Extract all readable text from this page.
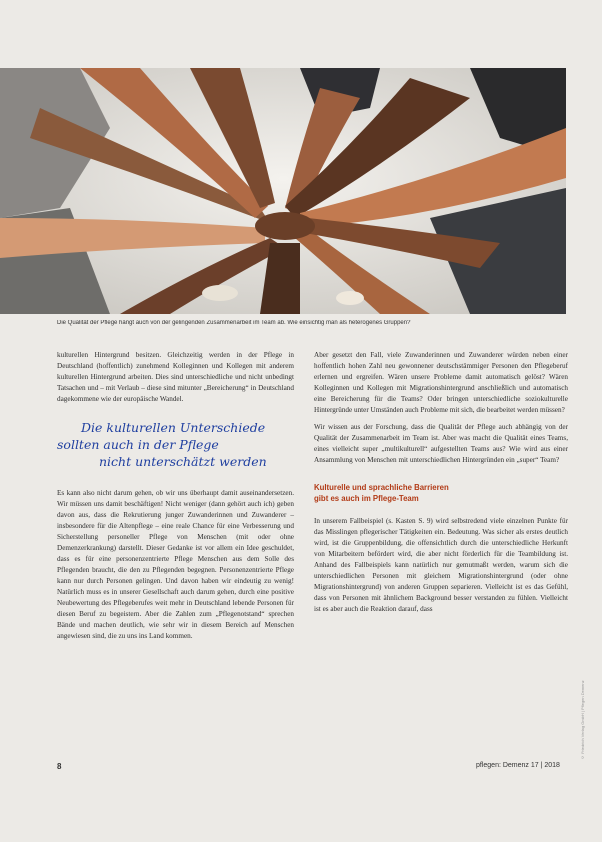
Die Qualität der Pflege hängt auch von der gelingenden Zusammenarbeit im Team ab. Wie einsichtig man als heterogenes Gruppen?

kulturellen Hintergrund besitzen. Gleichzeitig werden in der Pflege in Deutschland (hoffentlich) zunehmend Kolleginnen und Kollegen mit anderem kulturellen Hintergrund arbeiten. Dies sind unterschiedliche und nicht unbedingt Tatsachen und – mit Verlaub – diese sind mitunter „Bereicherung“ in Deutschland dagekommene wie der europäische Wandel.

Die kulturellen Unterschiede
sollten auch in der Pflege
nicht unterschätzt werden

Es kann also nicht darum gehen, ob wir uns überhaupt damit auseinandersetzen. Wir müssen uns damit beschäftigen! Nicht weniger (dann gehört auch ich) geben davon aus, dass die Rekrutierung junger Zuwanderinnen und Zuwanderer – insbesondere für die Altenpflege – eine reale Chance für eine Verbesserung und Sicherstellung personeller Pflege von Menschen (mit oder ohne Demenzerkrankung) darstellt. Dieser Gedanke ist vor allem ein Idee geschuldet, dass es für eine personenzentrierte Pflege Menschen aus dem Solle des Pflegenden braucht, die den zu Pflegenden begegnen. Personenzentrierte Pflege kann nur durch Personen gelingen. Und davon haben wir eindeutig zu wenig! Natürlich muss es in unserer Gesellschaft auch darum gehen, durch eine positive Neubewertung des Pflegeberufes weit mehr in Deutschland lebende Personen für diesen Beruf zu begeistern. Aber die Zahlen zum „Pflegenotstand“ sprechen Bände und machen deutlich, wie sehr wir in diesem Bereich auf Menschen angewiesen sind, die zu uns ins Land kommen.

Aber gesetzt den Fall, viele Zuwanderinnen und Zuwanderer würden neben einer hoffentlich hohen Zahl neu gewonnener deutschstämmiger Personen den Pflegeberuf erlernen und ergreifen. Wären unsere Probleme damit automatisch gelöst? Wären Kolleginnen und Kollegen mit Migrationshintergrund anschließlich und automatisch eine Bereicherung für die Teams? Oder bringen unterschiedliche soziokulturelle Hintergründe unter Umständen auch Probleme mit sich, die bearbeitet werden müssen?

Wir wissen aus der Forschung, dass die Qualität der Pflege auch abhängig von der Qualität der Zusammenarbeit im Team ist. Aber was macht die Qualität eines Teams, eines vielleicht super „multikulturell“ aufgestellten Teams aus? Wie wird aus einer Ansammlung von Menschen mit unterschiedlichen Hintergründen ein „super“ Team?

Kulturelle und sprachliche Barrieren
gibt es auch im Pflege-Team

In unserem Fallbeispiel (s. Kasten S. 9) wird selbstredend viele einzelnen Punkte für das Misslingen pflegerischer Tätigkeiten ein. Bedeutung. Was sicher als erstes deutlich wird, ist die Gruppenbildung, die offensichtlich durch die unterschiedliche Herkunft von Mitarbeitern befördert wird, die aber nicht förderlich für die Teambildung ist. Anhand des Fallbeispiels kann natürlich nur gemutmaßt werden, warum sich die unterschiedlichen Personen mit gleichem Migrationshintergrund (oder ohne Migrationshintergrund) von anderen Gruppen separieren. Vielleicht ist es das Gefühl, dass von Personen mit ähnlichem Background besser verstanden zu fühlen. Vielleicht ist es aber auch die Reaktion darauf, dass

8	pflegen: Demenz 17 | 2018
© Friedrich Verlag GmbH | Pflegen Demenz
